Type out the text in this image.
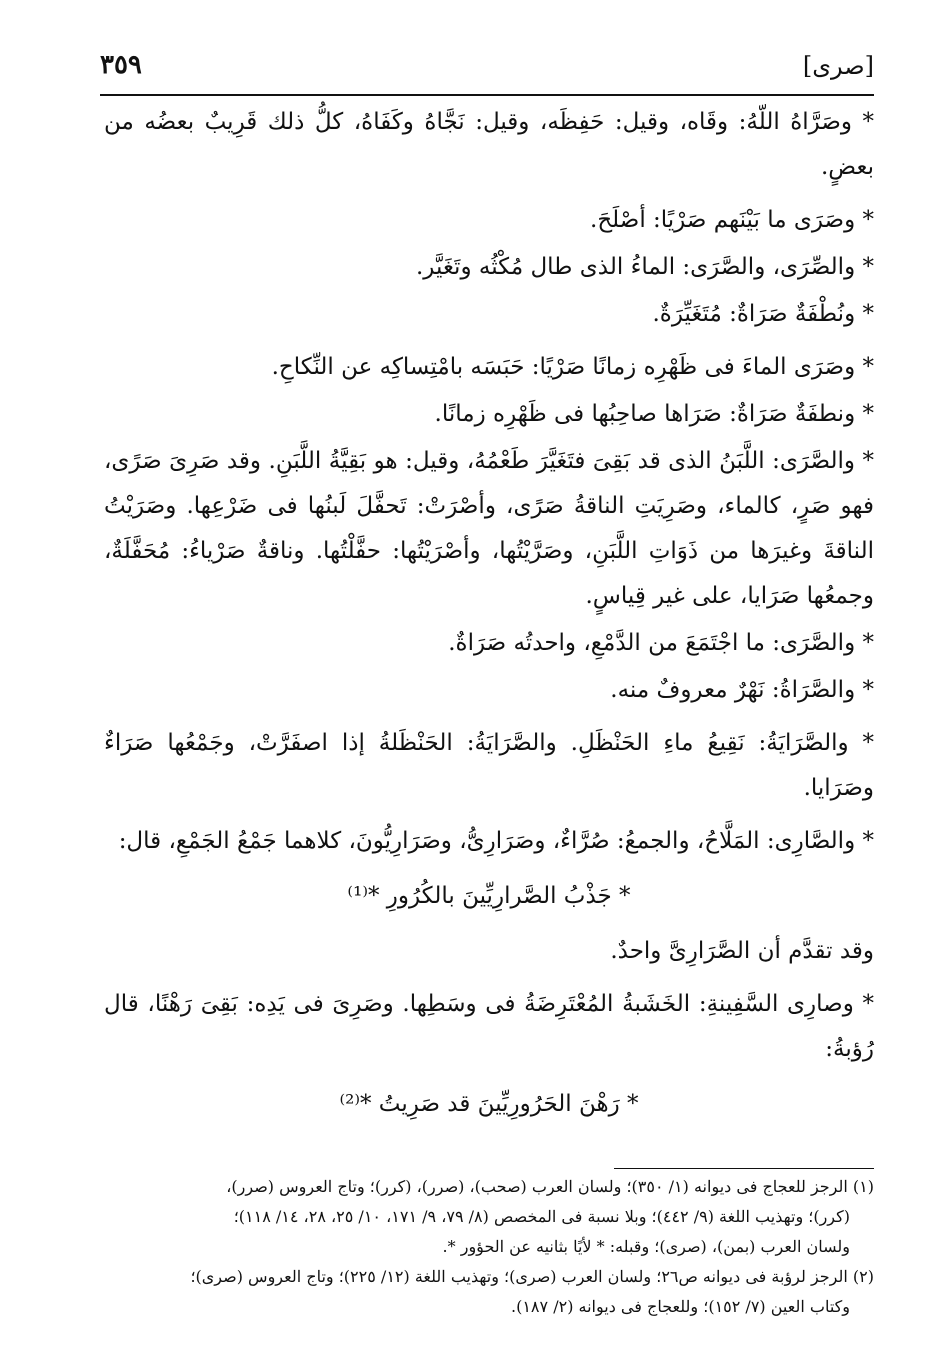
٣٥٩	[صرى]

* وصَرَّاهُ اللّهُ: وقَاه، وقيل: حَفِظَه، وقيل: نَجَّاهُ وكَفَاهُ، كلُّ ذلك قَرِيبٌ بعضُه من بعضٍ.

* وصَرَى ما بَيْنَهم صَرْيًا: أصْلَحَ.

* والصِّرَى، والصَّرَى: الماءُ الذى طال مُكْثُه وتَغَيَّر.

* ونُطْفَةٌ صَرَاةٌ: مُتَغَيِّرَةٌ.

* وصَرَى الماءَ فى ظَهْرِه زمانًا صَرْيًا: حَبَسَه بامْتِساكِه عن النِّكاحِ.

* ونطفَةٌ صَرَاةٌ: صَرَاها صاحِبُها فى ظَهْرِه زمانًا.

* والصَّرَى: اللَّبَنُ الذى قد بَقِىَ فتَغَيَّرَ طَعْمُهُ، وقيل: هو بَقِيَّةُ اللَّبَنِ. وقد صَرِىَ صَرًى، فهو صَرٍ، كالماء، وصَرِيَتِ الناقةُ صَرًى، وأصْرَتْ: تَحفَّلَ لَبنُها فى ضَرْعِها. وصَرَيْتُ الناقةَ وغيرَها من ذَوَاتِ اللَّبَنِ، وصَرَّيْتُها، وأصْرَيْتُها: حفَّلْتُها. وناقةٌ صَرْياءُ: مُحَفَّلَةٌ، وجمعُها صَرَايا، على غير قِياسٍ.

* والصَّرَى: ما اجْتَمَعَ من الدَّمْعِ، واحدتُه صَرَاةٌ.

* والصَّرَاةُ: نَهْرٌ معروفٌ منه.

* والصَّرَايَةُ: نَقِيعُ ماءِ الحَنْظَلِ. والصَّرَايَةُ: الحَنْظَلةُ إذا اصفَرَّتْ، وجَمْعُها صَرَاءٌ وصَرَايا.

* والصَّارِى: المَلَّاحُ، والجمعُ: صُرَّاءٌ، وصَرَارِىُّ، وصَرَارِيُّونَ، كلاهما جَمْعُ الجَمْعِ، قال:

* جَذْبُ الصَّرارِيِّينَ بالكُرُورِ *⁽¹⁾

وقد تقدَّم أن الصَّرَارِىَّ واحدٌ.

* وصارِى السَّفِينةِ: الخَشَبةُ المُعْتَرِضَةُ فى وسَطِها. وصَرِىَ فى يَدِه: بَقِىَ رَهْنًا، قال رُؤبةُ:

* رَهْنَ الحَرُورِيِّينَ قد صَرِيتُ *⁽²⁾

(١) الرجز للعجاج فى ديوانه (١/ ٣٥٠)؛ ولسان العرب (صحب)، (صرر)، (كرر)؛ وتاج العروس (صرر)،
(كرر)؛ وتهذيب اللغة (٩/ ٤٤٢)؛ وبلا نسبة فى المخصص (٨/ ٧٩، ٩/ ١٧١، ١٠/ ٢٥، ٢٨، ١٤/ ١١٨)؛
ولسان العرب (بمن)، (صرى)؛ وقبله: * لأيًا بثانيه عن الحؤور *.
(٢) الرجز لرؤبة فى ديوانه ص٢٦؛ ولسان العرب (صرى)؛ وتهذيب اللغة (١٢/ ٢٢٥)؛ وتاج العروس (صرى)؛
وكتاب العين (٧/ ١٥٢)؛ وللعجاج فى ديوانه (٢/ ١٨٧).
